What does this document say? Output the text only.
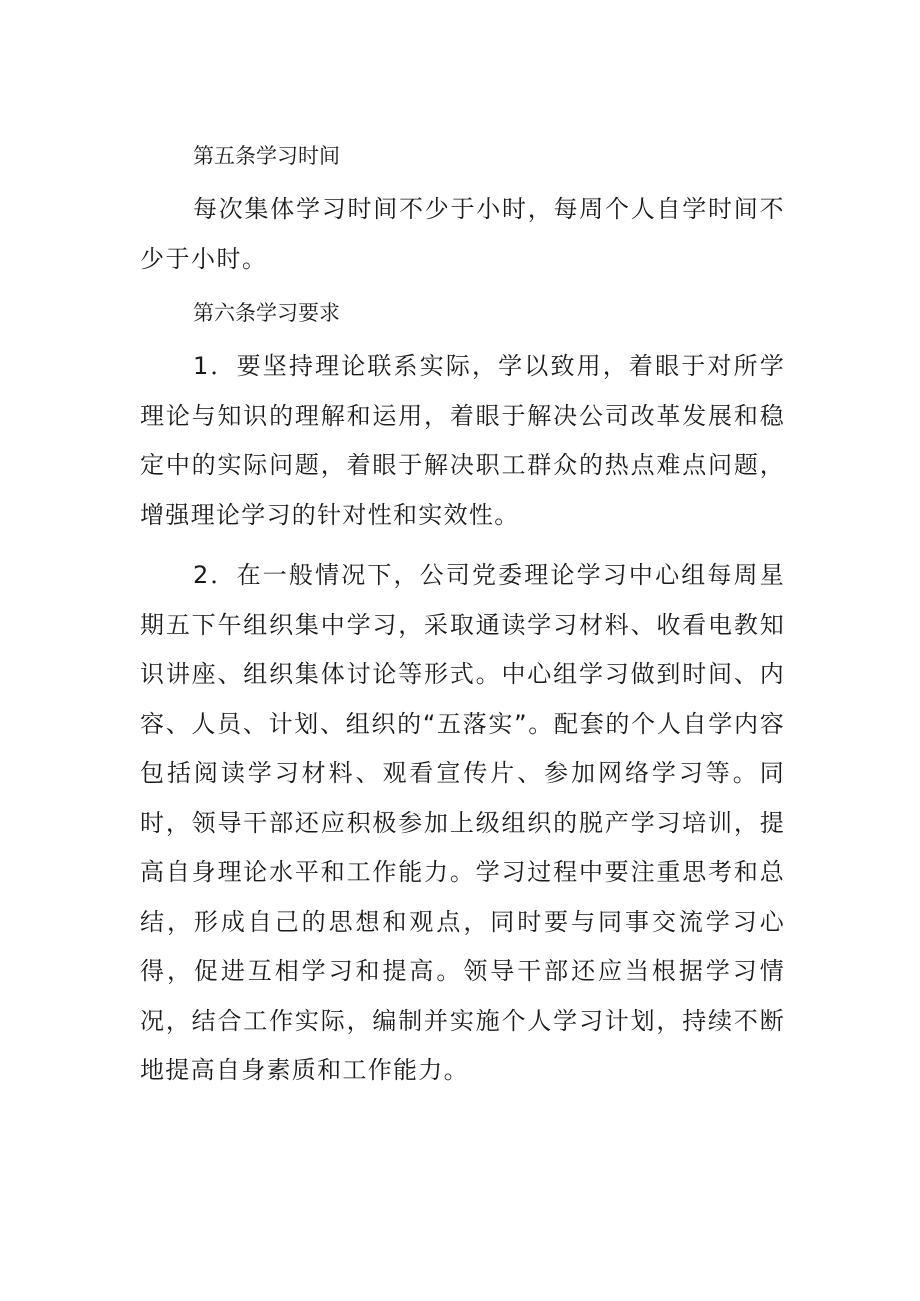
第五条学习时间

每次集体学习时间不少于小时，每周个人自学时间不少于小时。

第六条学习要求

1．要坚持理论联系实际，学以致用，着眼于对所学理论与知识的理解和运用，着眼于解决公司改革发展和稳定中的实际问题，着眼于解决职工群众的热点难点问题，增强理论学习的针对性和实效性。

2．在一般情况下，公司党委理论学习中心组每周星期五下午组织集中学习，采取通读学习材料、收看电教知识讲座、组织集体讨论等形式。中心组学习做到时间、内容、人员、计划、组织的“五落实”。配套的个人自学内容包括阅读学习材料、观看宣传片、参加网络学习等。同时，领导干部还应积极参加上级组织的脱产学习培训，提高自身理论水平和工作能力。学习过程中要注重思考和总结，形成自己的思想和观点，同时要与同事交流学习心得，促进互相学习和提高。领导干部还应当根据学习情况，结合工作实际，编制并实施个人学习计划，持续不断地提高自身素质和工作能力。
